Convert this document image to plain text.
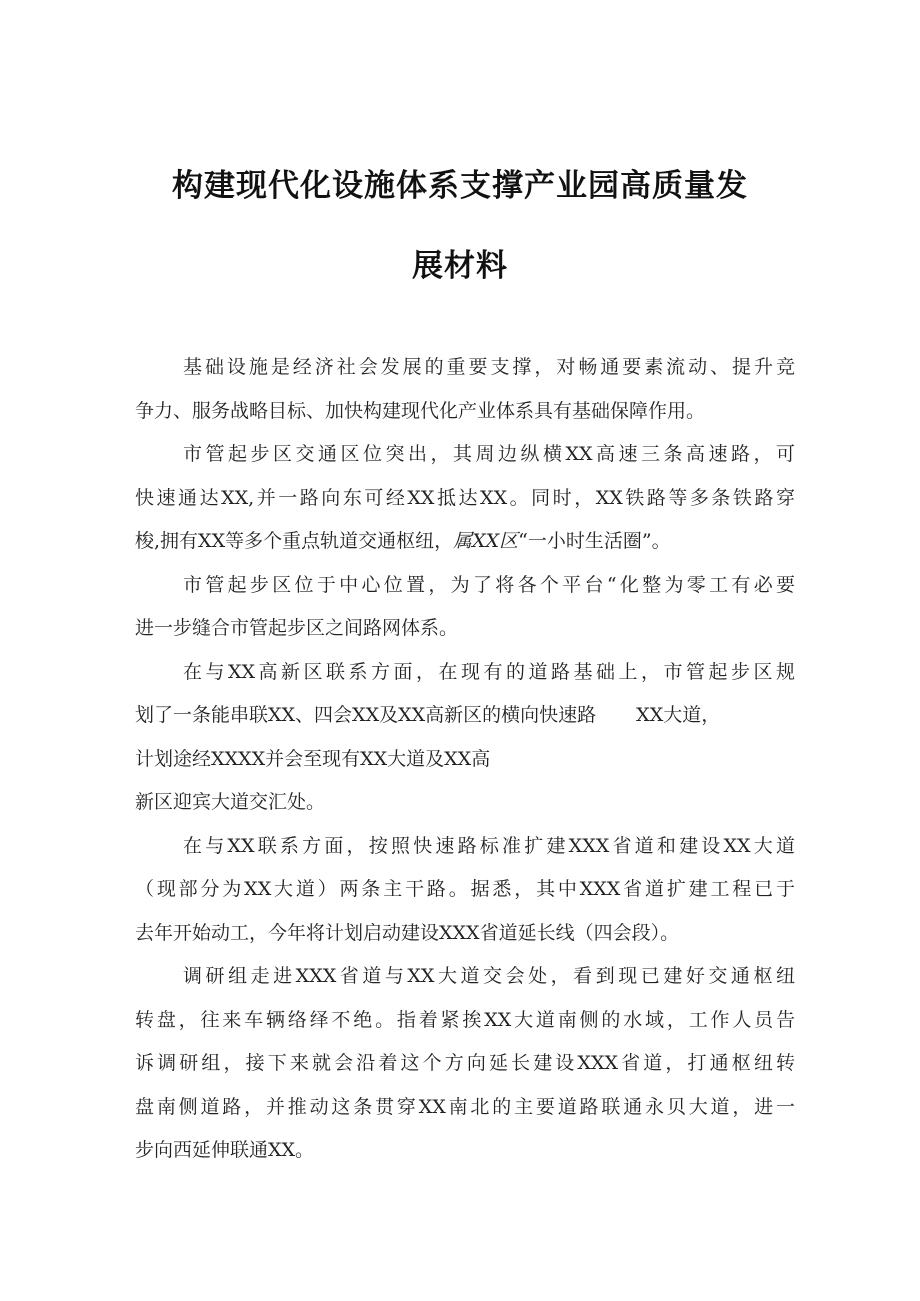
构建现代化设施体系支撑产业园高质量发
展材料
基础设施是经济社会发展的重要支撑，对畅通要素流动、提升竞
争力、服务战略目标、加快构建现代化产业体系具有基础保障作用。
市管起步区交通区位突出，其周边纵横XX高速三条高速路，可
快速通达XX,并一路向东可经XX抵达XX。同时，XX铁路等多条铁路穿
梭,拥有XX等多个重点轨道交通枢纽，属XX区“一小时生活圈”。
市管起步区位于中心位置，为了将各个平台“化整为零工有必要
进一步缝合市管起步区之间路网体系。
在与XX高新区联系方面，在现有的道路基础上，市管起步区规
划了一条能串联XX、四会XX及XX高新区的横向快速路 XX大道，
计划途经XXXX并会至现有XX大道及XX高
新区迎宾大道交汇处。
在与XX联系方面，按照快速路标准扩建XXX省道和建设XX大道
（现部分为XX大道）两条主干路。据悉，其中XXX省道扩建工程已于
去年开始动工，今年将计划启动建设XXX省道延长线（四会段）。
调研组走进XXX省道与XX大道交会处，看到现已建好交通枢纽
转盘，往来车辆络绎不绝。指着紧挨XX大道南侧的水域，工作人员告
诉调研组，接下来就会沿着这个方向延长建设XXX省道，打通枢纽转
盘南侧道路，并推动这条贯穿XX南北的主要道路联通永贝大道，进一
步向西延伸联通XX。
